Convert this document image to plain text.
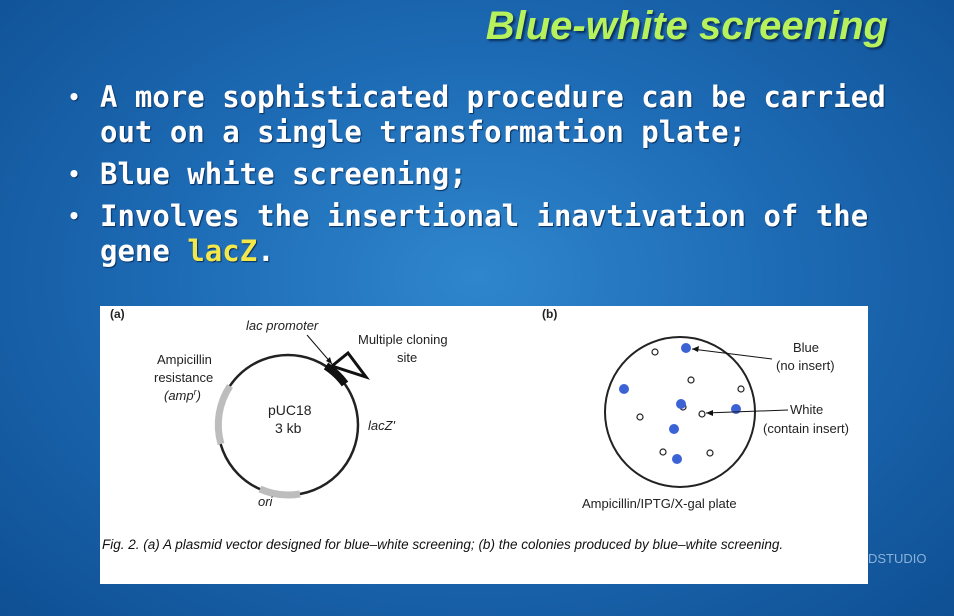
Blue-white screening
• A more sophisticated procedure can be carried out on a single transformation plate;
• Blue white screening;
• Involves the insertional inavtivation of the gene lacZ.
(a)
lac promoter
Multiple cloning
site
Ampicillin
resistance
(amp$^r$)
pUC18
3 kb	lacZ'
ori
(b)
Blue
(no insert)
White
(contain insert)
Ampicillin/IPTG/X-gal plate
Fig. 2. (a) A plasmid vector designed for blue–white screening; (b) the colonies produced by blue–white screening.
DSTUDIO
